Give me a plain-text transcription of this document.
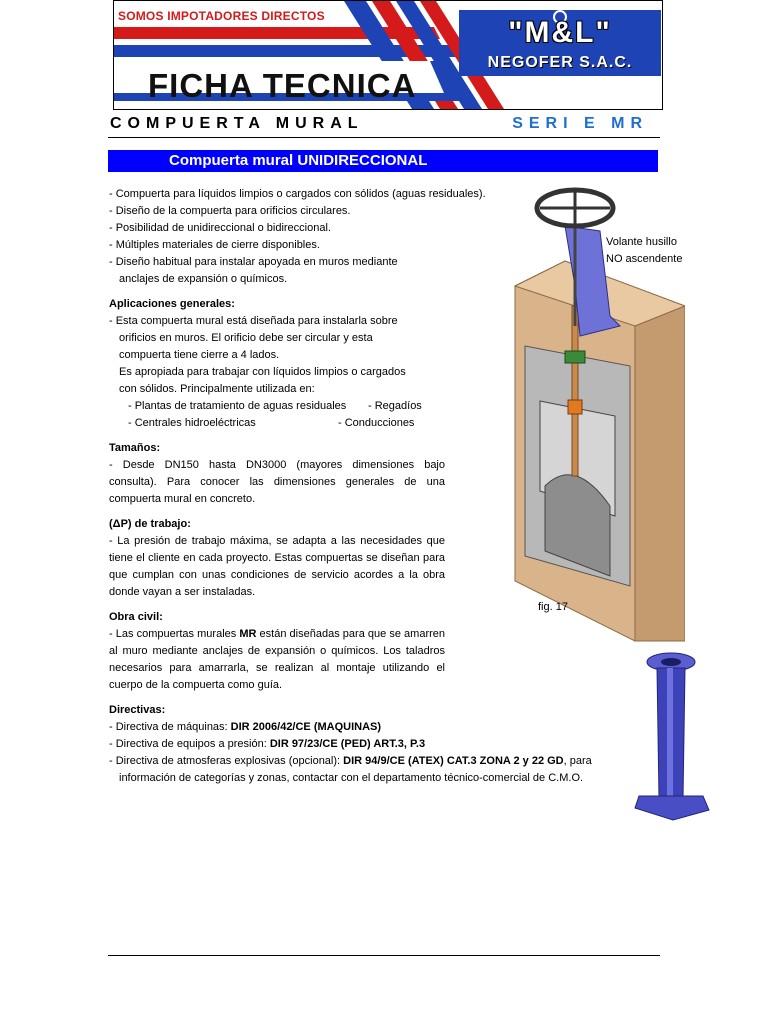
SOMOS IMPOTADORES DIRECTOS
FICHA TECNICA
"M&L"
NEGOFER S.A.C.
COMPUERTA MURAL	SERI E MR
Compuerta mural UNIDIRECCIONAL

- Compuerta para líquidos limpios o cargados con sólidos (aguas residuales).

- Diseño de la compuerta para orificios circulares.

- Posibilidad de unidireccional o bidireccional.

- Múltiples materiales de cierre disponibles.

- Diseño habitual para instalar apoyada en muros mediante

anclajes de expansión o químicos.

Aplicaciones generales:

- Esta compuerta mural está diseñada para instalarla sobre

orificios en muros. El orificio debe ser circular y esta

compuerta tiene cierre a 4 lados.

Es apropiada para trabajar con líquidos limpios o cargados

con sólidos. Principalmente utilizada en:

- Plantas de tratamiento de aguas residuales	- Regadíos
- Centrales hidroeléctricas	- Conducciones

Tamaños:

- Desde DN150 hasta DN3000 (mayores dimensiones bajo consulta). Para conocer las dimensiones generales de una compuerta mural en concreto.

(ΔP) de trabajo:

- La presión de trabajo máxima, se adapta a las necesidades que tiene el cliente en cada proyecto. Estas compuertas se diseñan para que cumplan con unas condiciones de servicio acordes a la obra donde vayan a ser instaladas.

Obra civil:

- Las compuertas murales MR están diseñadas para que se amarren al muro mediante anclajes de expansión o químicos. Los taladros necesarios para amarrarla, se realizan al montaje utilizando el cuerpo de la compuerta como guía.

Directivas:

- Directiva de máquinas: DIR 2006/42/CE (MAQUINAS)

- Directiva de equipos a presión: DIR 97/23/CE (PED) ART.3, P.3

- Directiva de atmosferas explosivas (opcional): DIR 94/9/CE (ATEX) CAT.3 ZONA 2 y 22 GD, para

información de categorías y zonas, contactar con el departamento técnico-comercial de C.M.O.

Volante husillo
NO ascendente
fig. 17
